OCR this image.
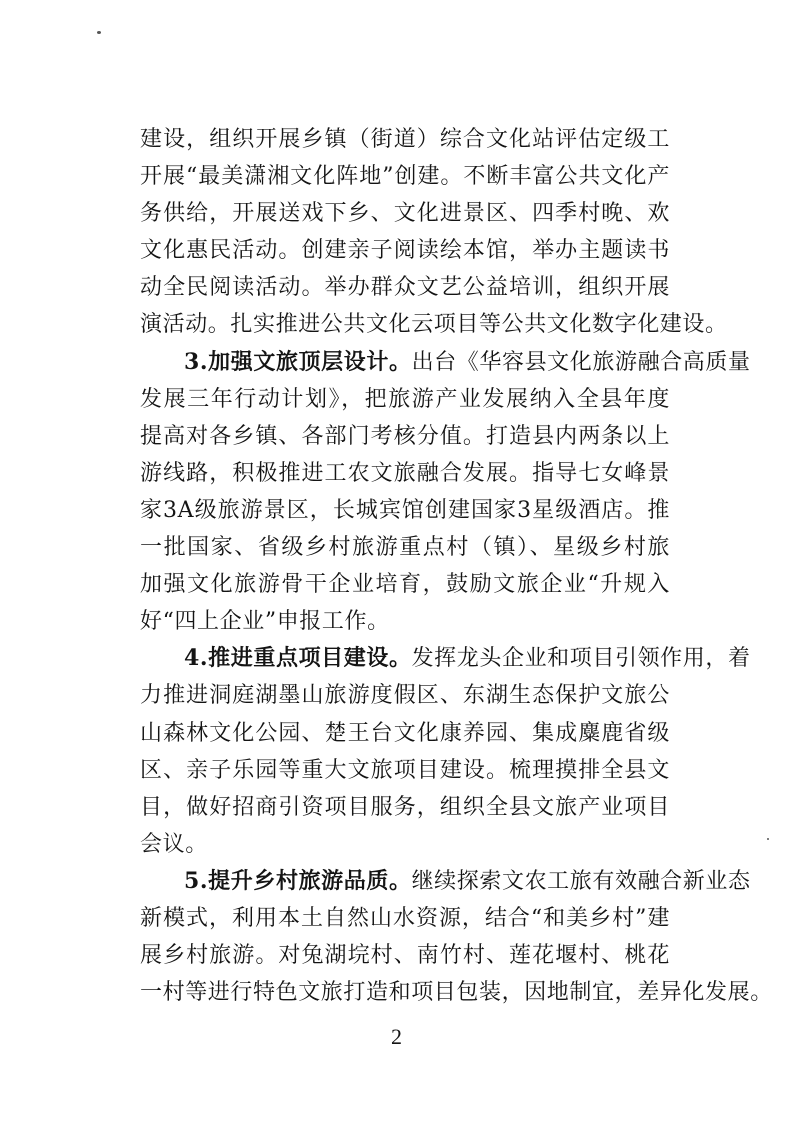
建设，组织开展乡镇（街道）综合文化站评估定级工
开展“最美潇湘文化阵地”创建。不断丰富公共文化产
务供给，开展送戏下乡、文化进景区、四季村晚、欢
文化惠民活动。创建亲子阅读绘本馆，举办主题读书
动全民阅读活动。举办群众文艺公益培训，组织开展
演活动。扎实推进公共文化云项目等公共文化数字化建设。
3.加强文旅顶层设计。出台《华容县文化旅游融合高质量
发展三年行动计划》，把旅游产业发展纳入全县年度
提高对各乡镇、各部门考核分值。打造县内两条以上
游线路，积极推进工农文旅融合发展。指导七女峰景
家3A级旅游景区，长城宾馆创建国家3星级酒店。推
一批国家、省级乡村旅游重点村（镇）、星级乡村旅
加强文化旅游骨干企业培育，鼓励文旅企业“升规入
好“四上企业”申报工作。
4.推进重点项目建设。发挥龙头企业和项目引领作用，着
力推进洞庭湖墨山旅游度假区、东湖生态保护文旅公
山森林文化公园、楚王台文化康养园、集成麋鹿省级
区、亲子乐园等重大文旅项目建设。梳理摸排全县文
目，做好招商引资项目服务，组织全县文旅产业项目
会议。
5.提升乡村旅游品质。继续探索文农工旅有效融合新业态
新模式，利用本土自然山水资源，结合“和美乡村”建
展乡村旅游。对兔湖垸村、南竹村、莲花堰村、桃花
一村等进行特色文旅打造和项目包装，因地制宜，差异化发展。
2
